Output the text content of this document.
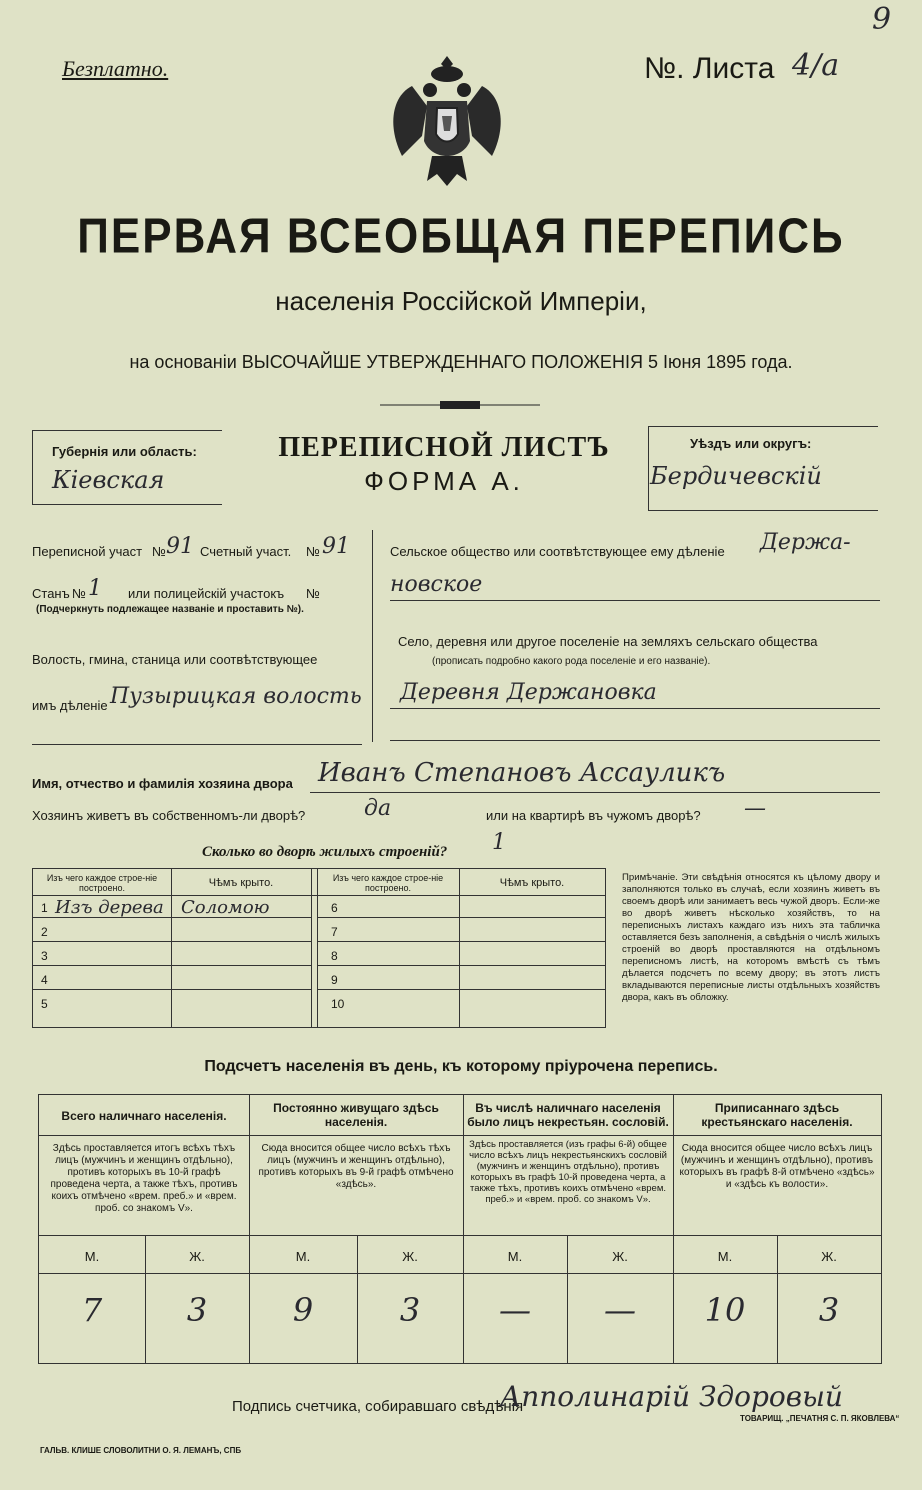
9
Безплатно.	№. Листа 4/а
ПЕРВАЯ ВСЕОБЩАЯ ПЕРЕПИСЬ
населенія Россійской Имперіи,
на основаніи ВЫСОЧАЙШЕ УТВЕРЖДЕННАГО ПОЛОЖЕНІЯ 5 Іюня 1895 года.
Губернія или область:
Кіевская
ПЕРЕПИСНОЙ ЛИСТЪ
ФОРМА А.
Уѣздъ или округъ:
Бердичевскій
Переписной участ № 91 Счетный участ. № 91
Станъ № 1 или полицейскій участокъ №
(Подчеркнуть подлежащее названіе и проставить №).
Волость, гмина, станица или соотвѣтствующее
имъ дѣленіе Пузырицкая волость
Сельское общество или соотвѣтствующее ему дѣленіе Держа-
новское
Село, деревня или другое поселеніе на земляхъ сельскаго общества
(прописать подробно какого рода поселеніе и его названіе).
Деревня Держановка
Имя, отчество и фамилія хозяина двора Иванъ Степановъ Ассауликъ
Хозяинъ живетъ въ собственномъ-ли дворѣ?	да	или на квартирѣ въ чужомъ дворѣ? —
Сколько во дворѣ жилыхъ строеній? 1
Изъ чего каждое строе-ніе построено.	Чѣмъ крыто.	Изъ чего каждое строе-ніе построено.	Чѣмъ крыто.
1 Изъ дерева Соломою
2
3
4
5
6
7
8
9
10
Примѣчаніе. Эти свѣдѣнія относятся къ цѣлому двору и заполняются только въ случаѣ, если хозяинъ живетъ въ своемъ дворѣ или занимаетъ весь чужой дворъ. Если-же во дворѣ живетъ нѣсколько хозяйствъ, то на переписныхъ листахъ каждаго изъ нихъ эта табличка оставляется безъ заполненія, а свѣдѣнія о числѣ жилыхъ строеній во дворѣ проставляются на отдѣльномъ переписномъ листѣ, на которомъ вмѣстѣ съ тѣмъ дѣлается подсчетъ по всему двору; въ этотъ листъ вкладываются переписные листы отдѣльныхъ хозяйствъ двора, какъ въ обложку.
Подсчетъ населенія въ день, къ которому пріурочена перепись.
Всего наличнаго населенія.
Постоянно живущаго здѣсь населенія.
Въ числѣ наличнаго населенія было лицъ некрестьян. сословій.
Приписаннаго здѣсь крестьянскаго населенія.
Здѣсь проставляется итогъ всѣхъ тѣхъ лицъ (мужчинъ и женщинъ отдѣльно), противъ которыхъ въ 10-й графѣ проведена черта, а также тѣхъ, противъ коихъ отмѣчено «врем. преб.» и «врем. проб. со знакомъ V».
Сюда вносится общее число всѣхъ тѣхъ лицъ (мужчинъ и женщинъ отдѣльно), противъ которыхъ въ 9-й графѣ отмѣчено «здѣсь».
Здѣсь проставляется (изъ графы 6-й) общее число всѣхъ лицъ некрестьянскихъ сословій (мужчинъ и женщинъ отдѣльно), противъ которыхъ въ графѣ 10-й проведена черта, а также тѣхъ, противъ коихъ отмѣчено «врем. преб.» и «врем. проб. со знакомъ V».
Сюда вносится общее число всѣхъ лицъ (мужчинъ и женщинъ отдѣльно), противъ которыхъ въ графѣ 8-й отмѣчено «здѣсь» и «здѣсь къ волости».
М.	Ж.	М.	Ж.	М.	Ж.	М.	Ж.
7	3	9	3	—	—	10	3
Подпись счетчика, собиравшаго свѣдѣнія
Апполинарій Здоровый
ГАЛЬВ. КЛИШЕ СЛОВОЛИТНИ О. Я. ЛЕМАНЪ, СПБ
ТОВАРИЩ. „ПЕЧАТНЯ С. П. ЯКОВЛЕВА“
